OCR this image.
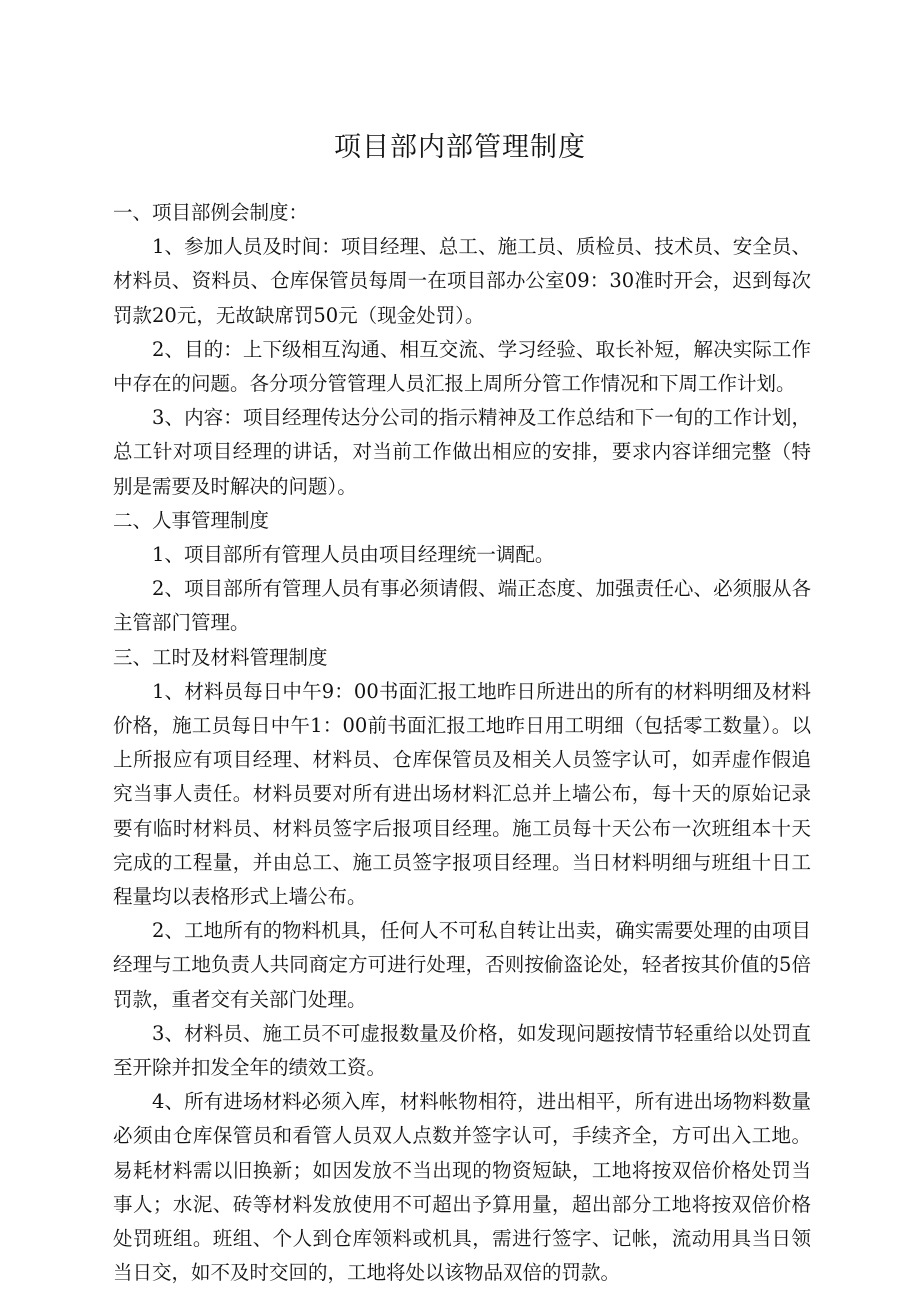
项目部内部管理制度

一、项目部例会制度：

1、参加人员及时间：项目经理、总工、施工员、质检员、技术员、安全员、材料员、资料员、仓库保管员每周一在项目部办公室09：30准时开会，迟到每次罚款20元，无故缺席罚50元（现金处罚）。

2、目的：上下级相互沟通、相互交流、学习经验、取长补短，解决实际工作中存在的问题。各分项分管管理人员汇报上周所分管工作情况和下周工作计划。

3、内容：项目经理传达分公司的指示精神及工作总结和下一旬的工作计划，总工针对项目经理的讲话，对当前工作做出相应的安排，要求内容详细完整（特别是需要及时解决的问题）。

二、人事管理制度

1、项目部所有管理人员由项目经理统一调配。

2、项目部所有管理人员有事必须请假、端正态度、加强责任心、必须服从各主管部门管理。

三、工时及材料管理制度

1、材料员每日中午9：00书面汇报工地昨日所进出的所有的材料明细及材料价格，施工员每日中午1：00前书面汇报工地昨日用工明细（包括零工数量）。以上所报应有项目经理、材料员、仓库保管员及相关人员签字认可，如弄虚作假追究当事人责任。材料员要对所有进出场材料汇总并上墙公布，每十天的原始记录要有临时材料员、材料员签字后报项目经理。施工员每十天公布一次班组本十天完成的工程量，并由总工、施工员签字报项目经理。当日材料明细与班组十日工程量均以表格形式上墙公布。

2、工地所有的物料机具，任何人不可私自转让出卖，确实需要处理的由项目经理与工地负责人共同商定方可进行处理，否则按偷盗论处，轻者按其价值的5倍罚款，重者交有关部门处理。

3、材料员、施工员不可虚报数量及价格，如发现问题按情节轻重给以处罚直至开除并扣发全年的绩效工资。

4、所有进场材料必须入库，材料帐物相符，进出相平，所有进出场物料数量必须由仓库保管员和看管人员双人点数并签字认可，手续齐全，方可出入工地。易耗材料需以旧换新；如因发放不当出现的物资短缺，工地将按双倍价格处罚当事人；水泥、砖等材料发放使用不可超出予算用量，超出部分工地将按双倍价格处罚班组。班组、个人到仓库领料或机具，需进行签字、记帐，流动用具当日领当日交，如不及时交回的，工地将处以该物品双倍的罚款。
